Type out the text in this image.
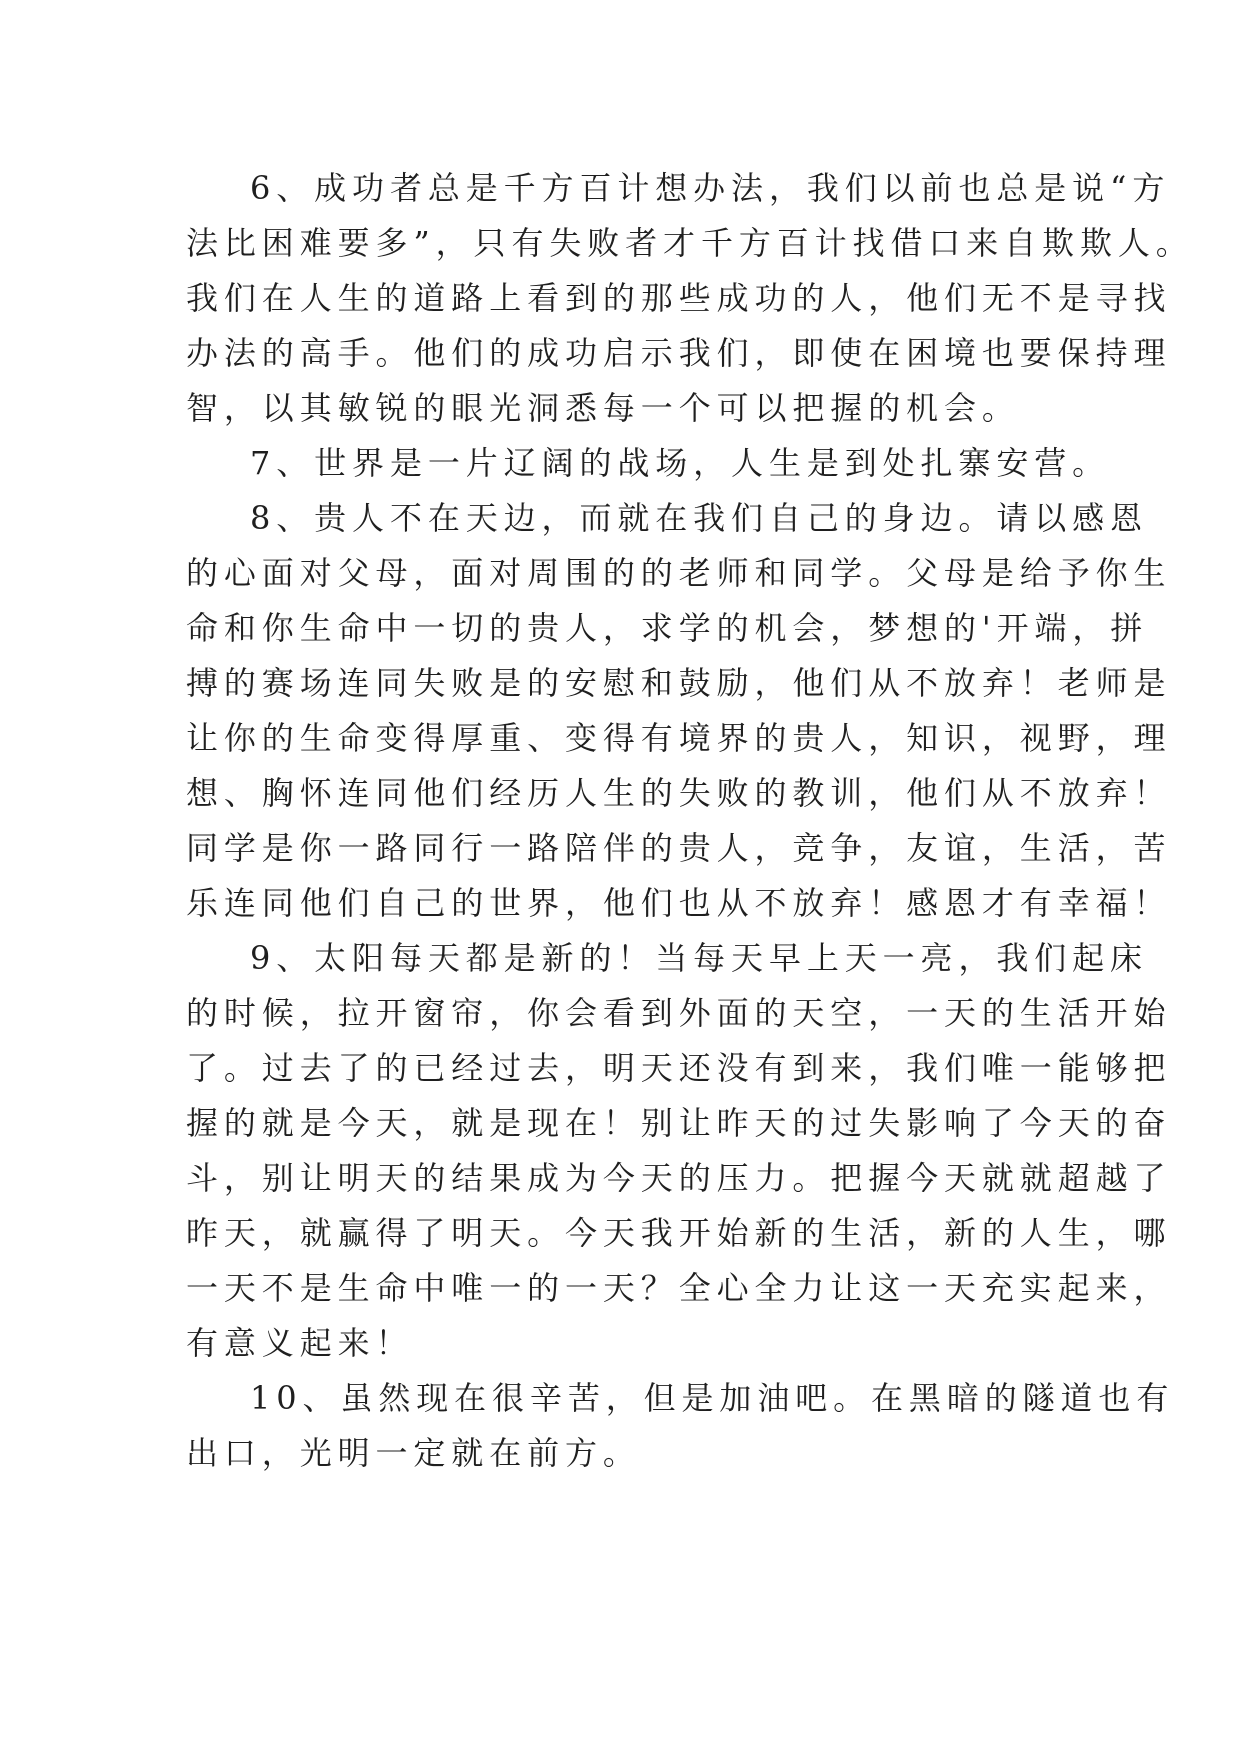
6、成功者总是千方百计想办法，我们以前也总是说“方
法比困难要多”，只有失败者才千方百计找借口来自欺欺人。
我们在人生的道路上看到的那些成功的人，他们无不是寻找
办法的高手。他们的成功启示我们，即使在困境也要保持理
智，以其敏锐的眼光洞悉每一个可以把握的机会。
7、世界是一片辽阔的战场，人生是到处扎寨安营。
8、贵人不在天边，而就在我们自己的身边。请以感恩
的心面对父母，面对周围的的老师和同学。父母是给予你生
命和你生命中一切的贵人，求学的机会，梦想的'开端，拼
搏的赛场连同失败是的安慰和鼓励，他们从不放弃！老师是
让你的生命变得厚重、变得有境界的贵人，知识，视野，理
想、胸怀连同他们经历人生的失败的教训，他们从不放弃！
同学是你一路同行一路陪伴的贵人，竞争，友谊，生活，苦
乐连同他们自己的世界，他们也从不放弃！感恩才有幸福！
9、太阳每天都是新的！当每天早上天一亮，我们起床
的时候，拉开窗帘，你会看到外面的天空，一天的生活开始
了。过去了的已经过去，明天还没有到来，我们唯一能够把
握的就是今天，就是现在！别让昨天的过失影响了今天的奋
斗，别让明天的结果成为今天的压力。把握今天就就超越了
昨天，就赢得了明天。今天我开始新的生活，新的人生，哪
一天不是生命中唯一的一天？全心全力让这一天充实起来，
有意义起来！
10、虽然现在很辛苦，但是加油吧。在黑暗的隧道也有
出口，光明一定就在前方。
